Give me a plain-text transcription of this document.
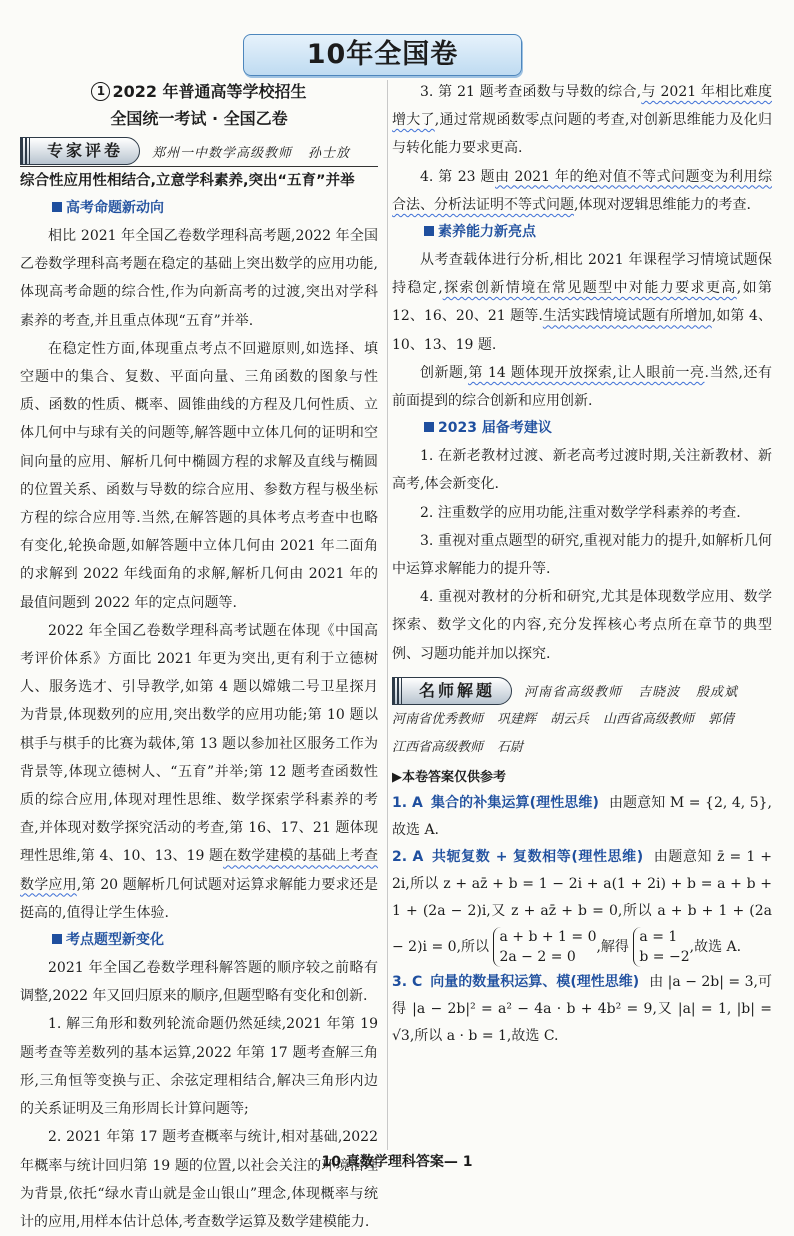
10年全国卷
1 2022 年普通高等学校招生
全国统一考试 · 全国乙卷
专家评卷	郑州一中数学高级教师 孙士放
综合性应用性相结合,立意学科素养,突出“五育”并举
高考命题新动向

相比 2021 年全国乙卷数学理科高考题,2022 年全国乙卷数学理科高考题在稳定的基础上突出数学的应用功能,体现高考命题的综合性,作为向新高考的过渡,突出对学科素养的考查,并且重点体现“五育”并举.

在稳定性方面,体现重点考点不回避原则,如选择、填空题中的集合、复数、平面向量、三角函数的图象与性质、函数的性质、概率、圆锥曲线的方程及几何性质、立体几何中与球有关的问题等,解答题中立体几何的证明和空间向量的应用、解析几何中椭圆方程的求解及直线与椭圆的位置关系、函数与导数的综合应用、参数方程与极坐标方程的综合应用等.当然,在解答题的具体考点考查中也略有变化,轮换命题,如解答题中立体几何由 2021 年二面角的求解到 2022 年线面角的求解,解析几何由 2021 年的最值问题到 2022 年的定点问题等.

2022 年全国乙卷数学理科高考试题在体现《中国高考评价体系》方面比 2021 年更为突出,更有利于立德树人、服务选才、引导教学,如第 4 题以嫦娥二号卫星探月为背景,体现数列的应用,突出数学的应用功能;第 10 题以棋手与棋手的比赛为载体,第 13 题以参加社区服务工作为背景等,体现立德树人、“五育”并举;第 12 题考查函数性质的综合应用,体现对理性思维、数学探索学科素养的考查,并体现对数学探究活动的考查,第 16、17、21 题体现理性思维,第 4、10、13、19 题在数学建模的基础上考查数学应用,第 20 题解析几何试题对运算求解能力要求还是挺高的,值得让学生体验.

考点题型新变化

2021 年全国乙卷数学理科解答题的顺序较之前略有调整,2022 年又回归原来的顺序,但题型略有变化和创新.

1. 解三角形和数列轮流命题仍然延续,2021 年第 19 题考查等差数列的基本运算,2022 年第 17 题考查解三角形,三角恒等变换与正、余弦定理相结合,解决三角形内边的关系证明及三角形周长计算问题等;

2. 2021 年第 17 题考查概率与统计,相对基础,2022 年概率与统计回归第 19 题的位置,以社会关注的环境治理为背景,依托“绿水青山就是金山银山”理念,体现概率与统计的应用,用样本估计总体,考查数学运算及数学建模能力.

3. 第 21 题考查函数与导数的综合,与 2021 年相比难度增大了,通过常规函数零点问题的考查,对创新思维能力及化归与转化能力要求更高.

4. 第 23 题由 2021 年的绝对值不等式问题变为利用综合法、分析法证明不等式问题,体现对逻辑思维能力的考查.

素养能力新亮点

从考查载体进行分析,相比 2021 年课程学习情境试题保持稳定,探索创新情境在常见题型中对能力要求更高,如第 12、16、20、21 题等.生活实践情境试题有所增加,如第 4、10、13、19 题.

创新题,第 14 题体现开放探索,让人眼前一亮.当然,还有前面提到的综合创新和应用创新.

2023 届备考建议

1. 在新老教材过渡、新老高考过渡时期,关注新教材、新高考,体会新变化.

2. 注重数学的应用功能,注重对数学学科素养的考查.

3. 重视对重点题型的研究,重视对能力的提升,如解析几何中运算求解能力的提升等.

4. 重视对教材的分析和研究,尤其是体现数学应用、数学探索、数学文化的内容,充分发挥核心考点所在章节的典型例、习题功能并加以探究.

名师解题	河南省高级教师 吉晓波 殷成斌
河南省优秀教师 巩建辉 胡云兵 山西省高级教师 郭倩
江西省高级教师 石尉
▶本卷答案仅供参考
1. A 集合的补集运算(理性思维) 由题意知 M = {2, 4, 5},故选 A.
2. A 共轭复数 + 复数相等(理性思维) 由题意知 z̄ = 1 + 2i,所以 z + az̄ + b = 1 − 2i + a(1 + 2i) + b = a + b + 1 + (2a − 2)i,又 z + az̄ + b = 0,所以 a + b + 1 + (2a − 2)i = 0,所以
a + b + 1 = 0
2a − 2 = 0
,解得
a = 1
b = −2
,故选 A.
3. C 向量的数量积运算、模(理性思维) 由 |a − 2b| = 3,可得 |a − 2b|² = a² − 4a · b + 4b² = 9,又 |a| = 1, |b| = √3,所以 a · b = 1,故选 C.
10 真数学理科答案— 1
